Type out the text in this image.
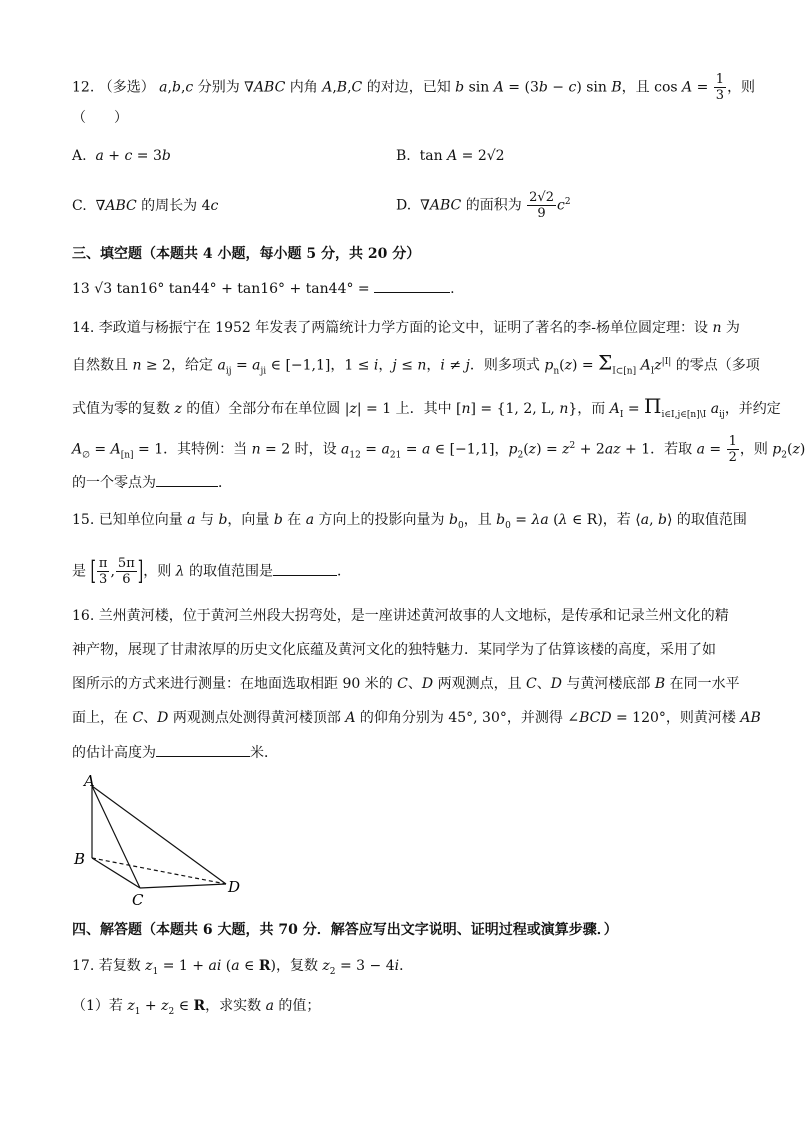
12. （多选） a,b,c 分别为 ∇ABC 内角 A,B,C 的对边，已知 b sin A = (3b − c) sin B，且 $\cos A = \frac{1}{3}$ ，则
（　　）
A. a + c = 3b	B.  tan A = 2√2
C.  ∇ABC 的周长为 4c	D.  ∇ABC 的面积为 $\frac{2√2}{9} c^2$
三、填空题（本题共 4 小题，每小题 5 分，共 20 分）
13 √3 tan16° tan44° + tan16° + tan44° =	.
14. 李政道与杨振宁在 1952 年发表了两篇统计力学方面的论文中，证明了著名的李-杨单位圆定理：设 n 为
自然数且 n ≥ 2，给定 $a_{ij} = a_{ji}$ ∈ [−1,1]，1 ≤ i，j ≤ n，i ≠ j．则多项式 $p_n(z) = \Sigma_{I\subset[n]}$ $A_Iz^{|I|}$ 的零点（多项
式值为零的复数 z 的值）全部分布在单位圆 |z| = 1 上．其中 [n] = {1, 2, L, n}，而 $A_I = \Pi_{i\in I,j\in[n]\backslash I}$ $a_{ij}$，并约定
$A_\emptyset = A_{[n]} = 1$．其特例：当 n = 2 时，设 $a_{12} = a_{21} = a$ ∈ [−1,1]，$p_2(z) = z^2 + 2az + 1$．若取 $a = \frac{1}{2}$ ，则 $p_2(z)$
的一个零点为	．
15. 已知单位向量 a 与 b，向量 b 在 a 方向上的投影向量为 $b_0$，且 $b_0 = \lambda a$ (λ ∈ R)，若 ⟨a, b⟩ 的取值范围
是 [ $\frac{\pi}{3}$ , $\frac{5\pi}{6}$ ]，则 λ 的取值范围是	．
16. 兰州黄河楼，位于黄河兰州段大拐弯处，是一座讲述黄河故事的人文地标，是传承和记录兰州文化的精
神产物，展现了甘肃浓厚的历史文化底蕴及黄河文化的独特魅力．某同学为了估算该楼的高度，采用了如
图所示的方式来进行测量：在地面选取相距 90 米的 C、D 两观测点，且 C、D 与黄河楼底部 B 在同一水平
面上，在 C、D 两观测点处测得黄河楼顶部 A 的仰角分别为 45°, 30°，并测得 ∠BCD = 120°，则黄河楼 AB
的估计高度为	米．
A
B
C
D
四、解答题（本题共 6 大题，共 70 分．解答应写出文字说明、证明过程或演算步骤．）
17. 若复数 $z_1 = 1$ + ai (a ∈ R)，复数 $z_2 = 3 - 4i$．
（1）若 $z_1 + z_2$ ∈ R，求实数 a 的值；
